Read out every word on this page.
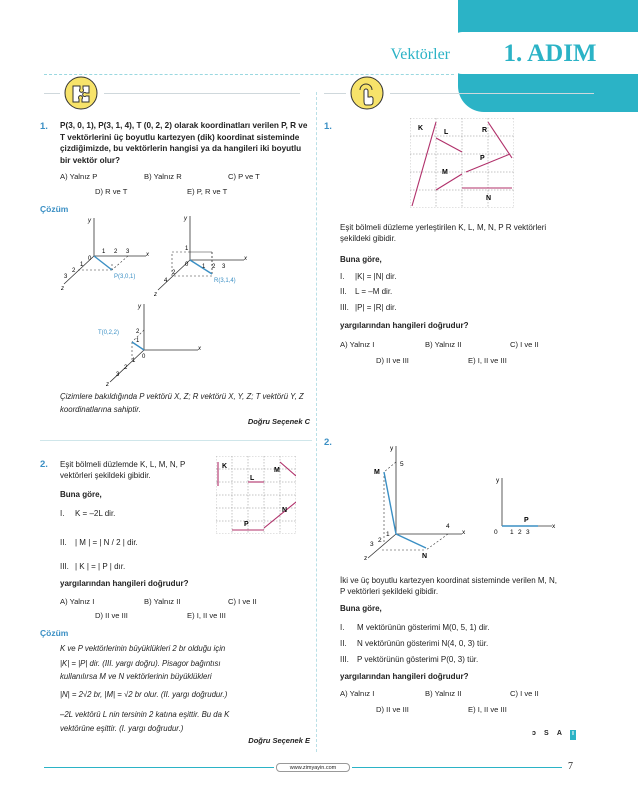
Vektörler	1. ADIM
1. P(3, 0, 1), P(3, 1, 4), T (0, 2, 2) olarak koordinatları verilen P, R ve T vektörlerini üç boyutlu kartezyen (dik) koordinat sisteminde çizdiğimizde, bu vektörlerin hangisi ya da hangileri iki boyutlu bir vektör olur?
A) Yalnız P	B) Yalnız R	C) P ve T
D) R ve T	E) P, R ve T
Çözüm
y
x
z
0
1 2 3
1
2
3	P(3,0,1)
y
x
z
0
1
1 2 3
2
4	R(3,1,4)
y
x
z
0
1
2
1
2
3
T(0,2,2)
Çizimlere bakıldığında P vektörü X, Z; R vektörü X, Y, Z; T vektörü Y, Z koordinatlarına sahiptir.
Doğru Seçenek C
2. Eşit bölmeli düzlemde K, L, M, N, P vektörleri şekildeki gibidir.
Buna göre,
I. K = –2L dir.
II. | M | = | N / 2 | dir.
III. | K | = | P | dır.
yargılarından hangileri doğrudur?
A) Yalnız I	B) Yalnız II	C) I ve II
D) II ve III	E) I, II ve III
K
L
M
N
P
Çözüm
K ve P vektörlerinin büyüklükleri 2 br olduğu için
|K| = |P| dir. (III. yargı doğru). Pisagor bağıntısı
kullanılırsa M ve N vektörlerinin büyüklükleri
|N| = 2√2 br, |M| = √2 br olur. (II. yargı doğrudur.)
–2L vektörü L nin tersinin 2 katına eşittir. Bu da K
vektörüne eşittir. (I. yargı doğrudur.)
Doğru Seçenek E
1.	K
L	R
P
M
N
Eşit bölmeli düzleme yerleştirilen K, L, M, N, P R vektörleri şekildeki gibidir.
Buna göre,
I. |K| = |N| dir.
II. L = –M dir.
III. |P| = |R| dir.
yargılarından hangileri doğrudur?
A) Yalnız I	B) Yalnız II	C) I ve II
D) II ve III	E) I, II ve III
2.
y
x
z
5
4
1
2
3
M
N
y
x
0 1 2 3
P
İki ve üç boyutlu kartezyen koordinat sisteminde verilen M, N, P vektörleri şekildeki gibidir.
Buna göre,
I. M vektörünün gösterimi M(0, 5, 1) dir.
II. N vektörünün gösterimi N(4, 0, 3) tür.
III. P vektörünün gösterimi P(0, 3) tür.
yargılarından hangileri doğrudur?
A) Yalnız I	B) Yalnız II	C) I ve II
D) II ve III	E) I, II ve III
ɔ S A ı
www.zimyayin.com	7
